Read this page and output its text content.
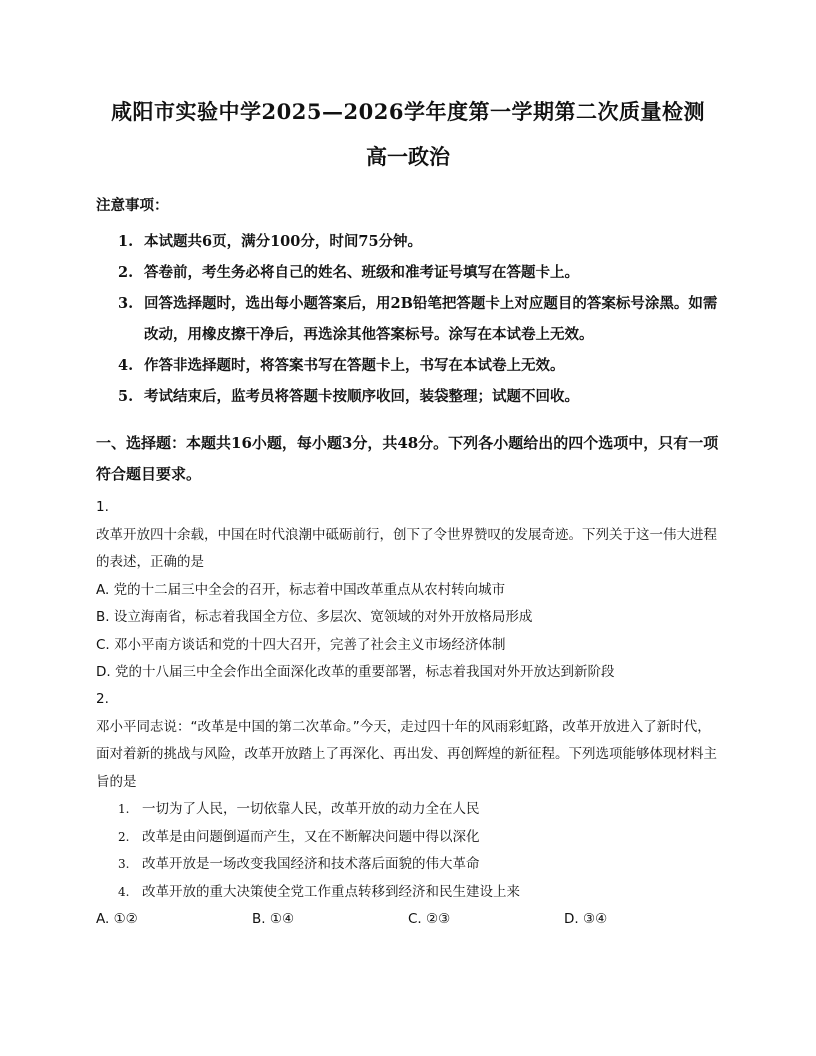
咸阳市实验中学2025—2026学年度第一学期第二次质量检测
高一政治
注意事项：
1. 本试题共6页，满分100分，时间75分钟。
2. 答卷前，考生务必将自己的姓名、班级和准考证号填写在答题卡上。
3. 回答选择题时，选出每小题答案后，用2B铅笔把答题卡上对应题目的答案标号涂黑。如需改动，用橡皮擦干净后，再选涂其他答案标号。涂写在本试卷上无效。
4. 作答非选择题时，将答案书写在答题卡上，书写在本试卷上无效。
5. 考试结束后，监考员将答题卡按顺序收回，装袋整理；试题不回收。
一、选择题：本题共16小题，每小题3分，共48分。下列各小题给出的四个选项中，只有一项符合题目要求。
1.
改革开放四十余载，中国在时代浪潮中砥砺前行，创下了令世界赞叹的发展奇迹。下列关于这一伟大进程的表述，正确的是
A. 党的十二届三中全会的召开，标志着中国改革重点从农村转向城市
B. 设立海南省，标志着我国全方位、多层次、宽领域的对外开放格局形成
C. 邓小平南方谈话和党的十四大召开，完善了社会主义市场经济体制
D. 党的十八届三中全会作出全面深化改革的重要部署，标志着我国对外开放达到新阶段
2.
邓小平同志说：“改革是中国的第二次革命。”今天，走过四十年的风雨彩虹路，改革开放进入了新时代，面对着新的挑战与风险，改革开放踏上了再深化、再出发、再创辉煌的新征程。下列选项能够体现材料主旨的是
1. 一切为了人民，一切依靠人民，改革开放的动力全在人民
2. 改革是由问题倒逼而产生，又在不断解决问题中得以深化
3. 改革开放是一场改变我国经济和技术落后面貌的伟大革命
4. 改革开放的重大决策使全党工作重点转移到经济和民生建设上来
A. ①②	B. ①④	C. ②③	D. ③④
